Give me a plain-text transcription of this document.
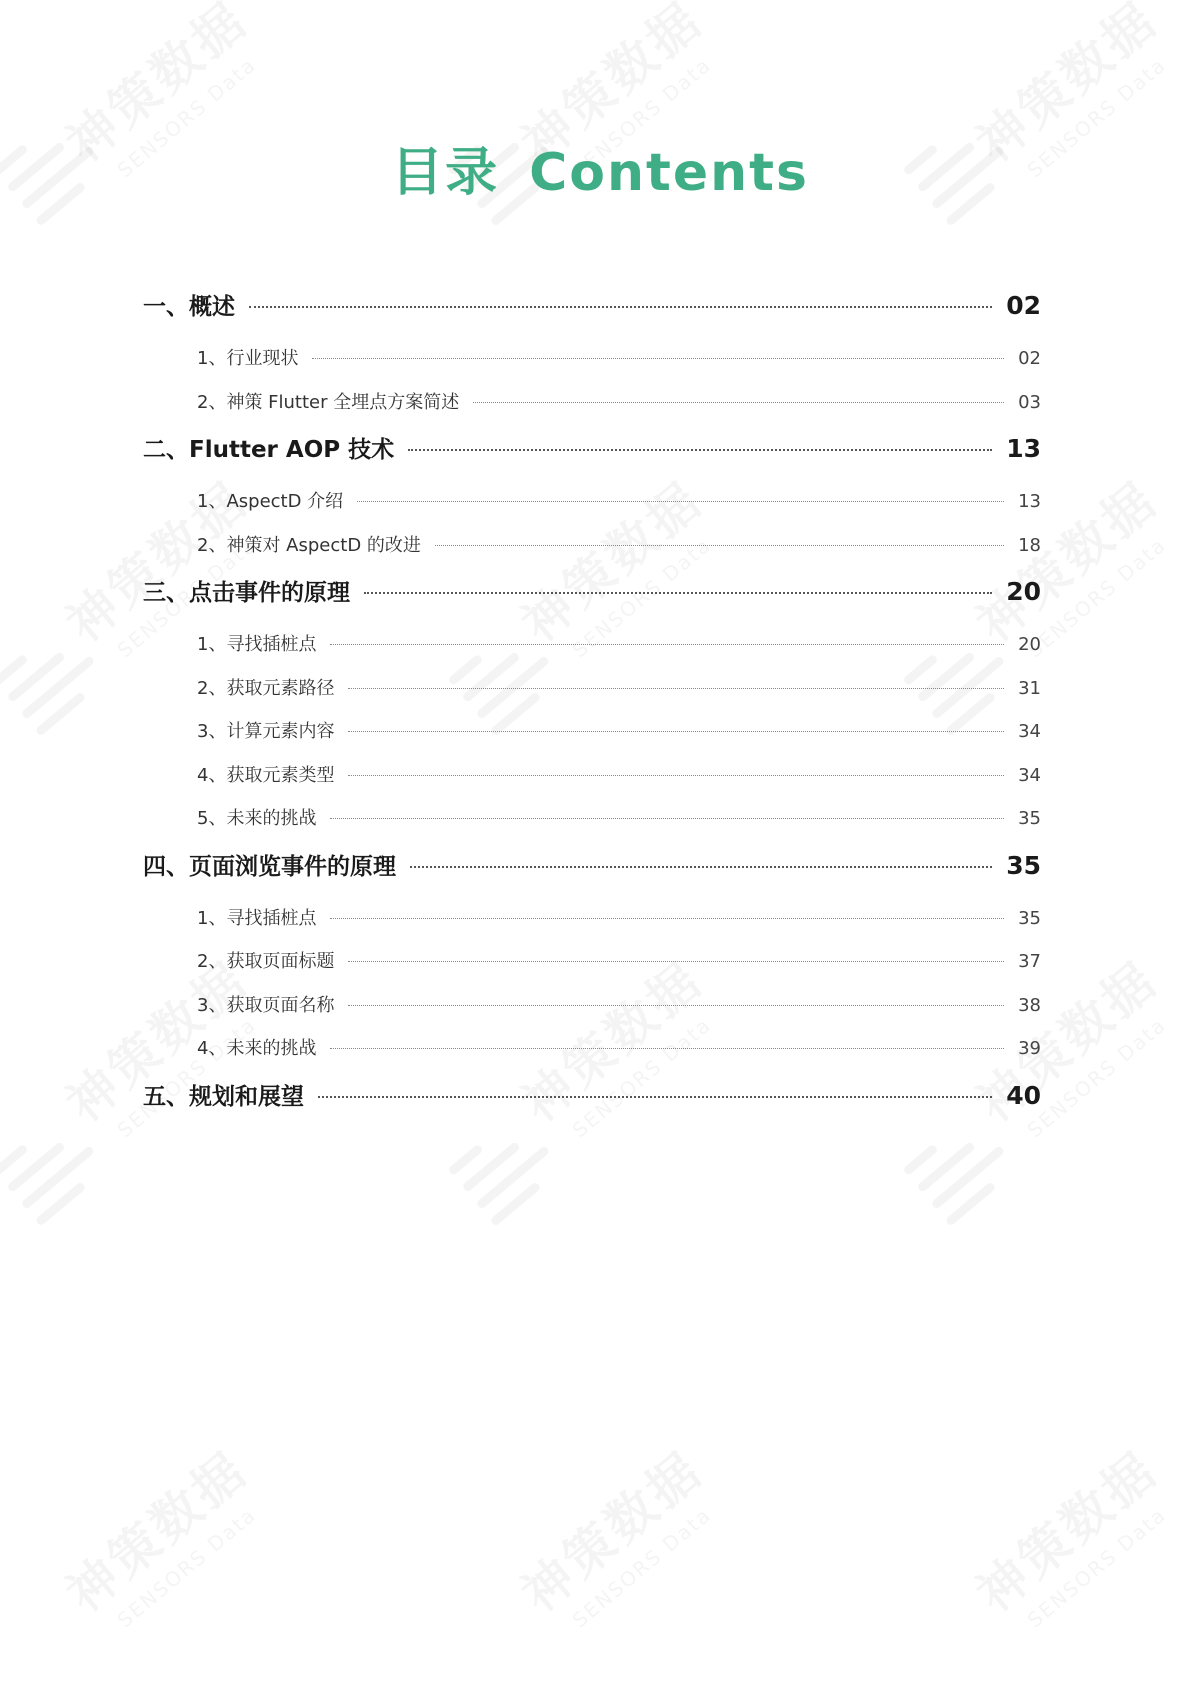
目录 Contents
一、概述	02
1、行业现状	02
2、神策 Flutter 全埋点方案简述	03
二、Flutter AOP 技术	13
1、AspectD 介绍	13
2、神策对 AspectD 的改进	18
三、点击事件的原理	20
1、寻找插桩点	20
2、获取元素路径	31
3、计算元素内容	34
4、获取元素类型	34
5、未来的挑战	35
四、页面浏览事件的原理	35
1、寻找插桩点	35
2、获取页面标题	37
3、获取页面名称	38
4、未来的挑战	39
五、规划和展望	40
